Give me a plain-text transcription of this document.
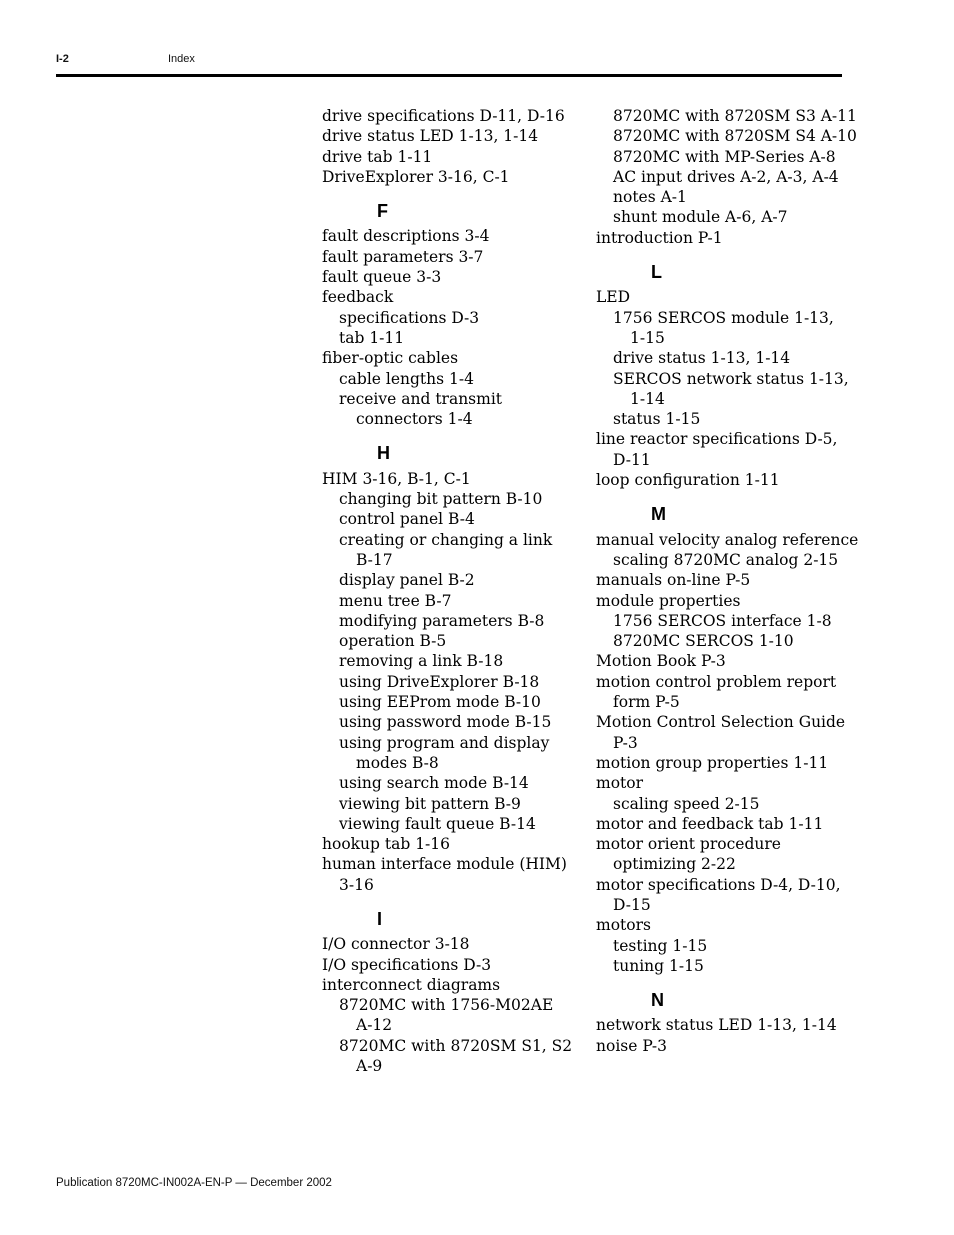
I-2	Index
drive specifications D-11, D-16
drive status LED 1-13, 1-14
drive tab 1-11
DriveExplorer 3-16, C-1
F
fault descriptions 3-4
fault parameters 3-7
fault queue 3-3
feedback
specifications D-3
tab 1-11
fiber-optic cables
cable lengths 1-4
receive and transmit
connectors 1-4
H
HIM 3-16, B-1, C-1
changing bit pattern B-10
control panel B-4
creating or changing a link
B-17
display panel B-2
menu tree B-7
modifying parameters B-8
operation B-5
removing a link B-18
using DriveExplorer B-18
using EEProm mode B-10
using password mode B-15
using program and display
modes B-8
using search mode B-14
viewing bit pattern B-9
viewing fault queue B-14
hookup tab 1-16
human interface module (HIM)
3-16
I
I/O connector 3-18
I/O specifications D-3
interconnect diagrams
8720MC with 1756-M02AE
A-12
8720MC with 8720SM S1, S2
A-9
8720MC with 8720SM S3 A-11
8720MC with 8720SM S4 A-10
8720MC with MP-Series A-8
AC input drives A-2, A-3, A-4
notes A-1
shunt module A-6, A-7
introduction P-1
L
LED
1756 SERCOS module 1-13,
1-15
drive status 1-13, 1-14
SERCOS network status 1-13,
1-14
status 1-15
line reactor specifications D-5,
D-11
loop configuration 1-11
M
manual velocity analog reference
scaling 8720MC analog 2-15
manuals on-line P-5
module properties
1756 SERCOS interface 1-8
8720MC SERCOS 1-10
Motion Book P-3
motion control problem report
form P-5
Motion Control Selection Guide
P-3
motion group properties 1-11
motor
scaling speed 2-15
motor and feedback tab 1-11
motor orient procedure
optimizing 2-22
motor specifications D-4, D-10,
D-15
motors
testing 1-15
tuning 1-15
N
network status LED 1-13, 1-14
noise P-3
Publication 8720MC-IN002A-EN-P — December 2002
